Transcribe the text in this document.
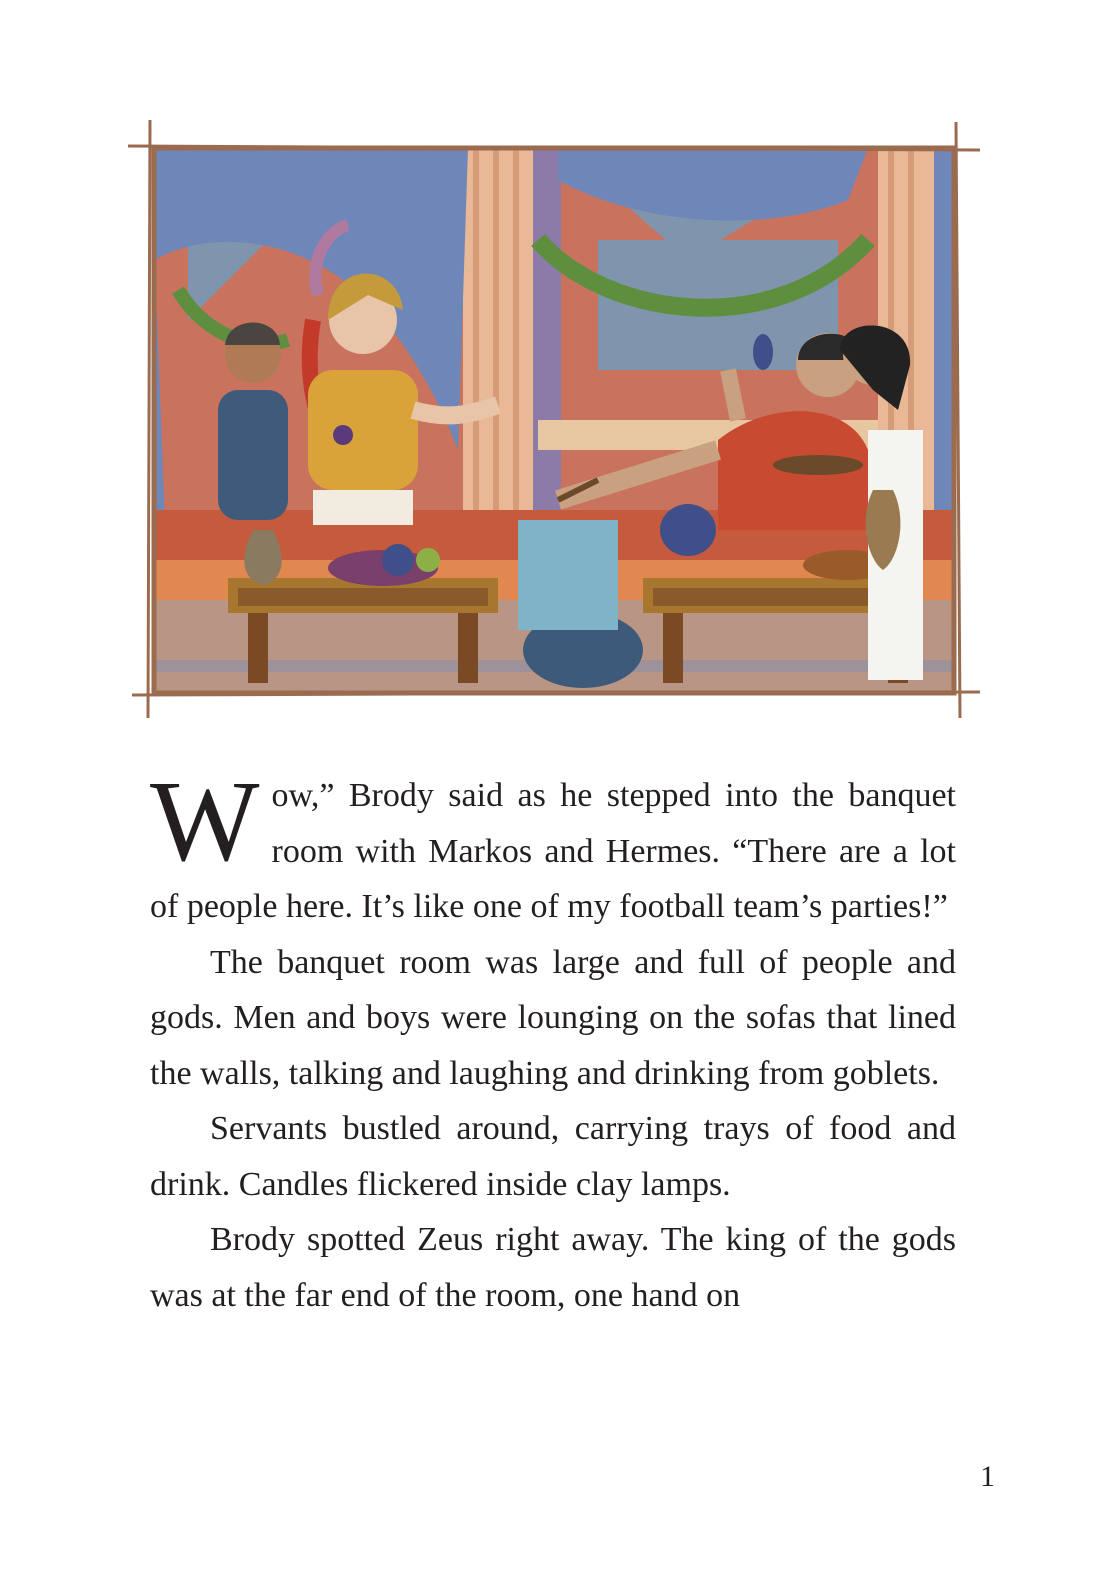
Wow,” Brody said as he stepped into the banquet room with Markos and Hermes. “There are a lot of people here. It’s like one of my football team’s parties!”

The banquet room was large and full of people and gods. Men and boys were lounging on the sofas that lined the walls, talking and laughing and drinking from goblets.

Servants bustled around, carrying trays of food and drink. Candles flickered inside clay lamps.

Brody spotted Zeus right away. The king of the gods was at the far end of the room, one hand on

1
